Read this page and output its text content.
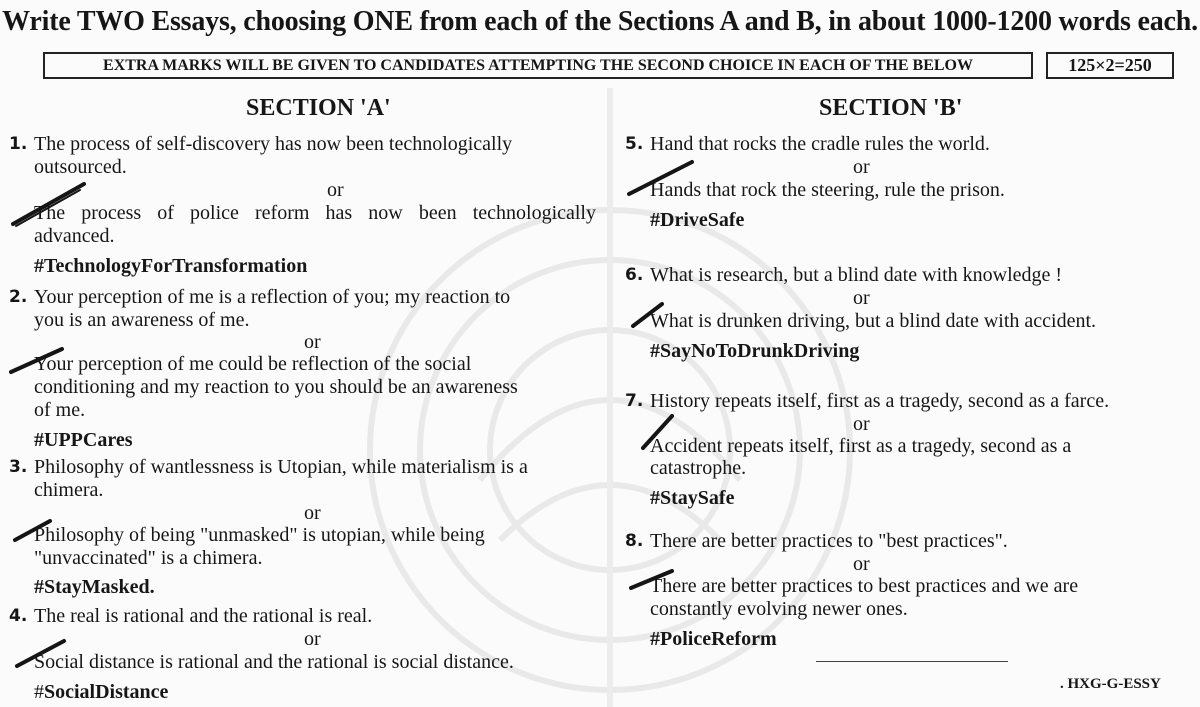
Write TWO Essays, choosing ONE from each of the Sections A and B, in about 1000-1200 words each.
EXTRA MARKS WILL BE GIVEN TO CANDIDATES ATTEMPTING THE SECOND CHOICE IN EACH OF THE BELOW	125×2=250
SECTION 'A'
1. The process of self-discovery has now been technologically
outsourced.
or
The process of police reform has now been technologically
advanced.
#TechnologyForTransformation
2. Your perception of me is a reflection of you; my reaction to
you is an awareness of me.
or
Your perception of me could be reflection of the social
conditioning and my reaction to you should be an awareness
of me.
#UPPCares
3. Philosophy of wantlessness is Utopian, while materialism is a
chimera.
or
Philosophy of being "unmasked" is utopian, while being
"unvaccinated" is a chimera.
#StayMasked.
4. The real is rational and the rational is real.
or
Social distance is rational and the rational is social distance.
#SocialDistance
SECTION 'B'
5. Hand that rocks the cradle rules the world.
or
Hands that rock the steering, rule the prison.
#DriveSafe
6. What is research, but a blind date with knowledge !
or
What is drunken driving, but a blind date with accident.
#SayNoToDrunkDriving
7. History repeats itself, first as a tragedy, second as a farce.
or
Accident repeats itself, first as a tragedy, second as a
catastrophe.
#StaySafe
8. There are better practices to "best practices".
or
There are better practices to best practices and we are
constantly evolving newer ones.
#PoliceReform
. HXG-G-ESSY
